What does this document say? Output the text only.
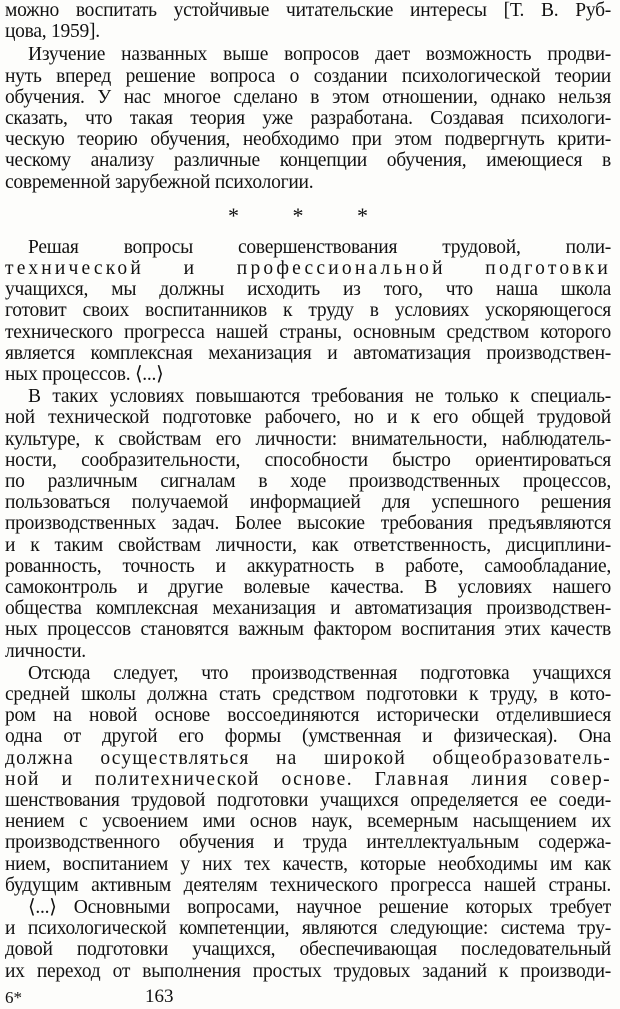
можно воспитать устойчивые читательские интересы [Т. В. Руб-
цова, 1959].
Изучение названных выше вопросов дает возможность продви-
нуть вперед решение вопроса о создании психологической теории
обучения. У нас многое сделано в этом отношении, однако нельзя
сказать, что такая теория уже разработана. Создавая психологи-
ческую теорию обучения, необходимо при этом подвергнуть крити-
ческому анализу различные концепции обучения, имеющиеся в
современной зарубежной психологии.
* * *
Решая вопросы совершенствования трудовой, поли-
технической и профессиональной подготовки
учащихся, мы должны исходить из того, что наша школа
готовит своих воспитанников к труду в условиях ускоряющегося
технического прогресса нашей страны, основным средством которого
является комплексная механизация и автоматизация производствен-
ных процессов. ⟨...⟩
В таких условиях повышаются требования не только к специаль-
ной технической подготовке рабочего, но и к его общей трудовой
культуре, к свойствам его личности: внимательности, наблюдатель-
ности, сообразительности, способности быстро ориентироваться
по различным сигналам в ходе производственных процессов,
пользоваться получаемой информацией для успешного решения
производственных задач. Более высокие требования предъявляются
и к таким свойствам личности, как ответственность, дисциплини-
рованность, точность и аккуратность в работе, самообладание,
самоконтроль и другие волевые качества. В условиях нашего
общества комплексная механизация и автоматизация производствен-
ных процессов становятся важным фактором воспитания этих качеств
личности.
Отсюда следует, что производственная подготовка учащихся
средней школы должна стать средством подготовки к труду, в кото-
ром на новой основе воссоединяются исторически отделившиеся
одна от другой его формы (умственная и физическая). Она
должна осуществляться на широкой общеобразователь-
ной и политехнической основе. Главная линия совер-
шенствования трудовой подготовки учащихся определяется ее соеди-
нением с усвоением ими основ наук, всемерным насыщением их
производственного обучения и труда интеллектуальным содержа-
нием, воспитанием у них тех качеств, которые необходимы им как
будущим активным деятелям технического прогресса нашей страны.
⟨...⟩ Основными вопросами, научное решение которых требует
и психологической компетенции, являются следующие: система тру-
довой подготовки учащихся, обеспечивающая последовательный
их переход от выполнения простых трудовых заданий к производи-
6*	163
